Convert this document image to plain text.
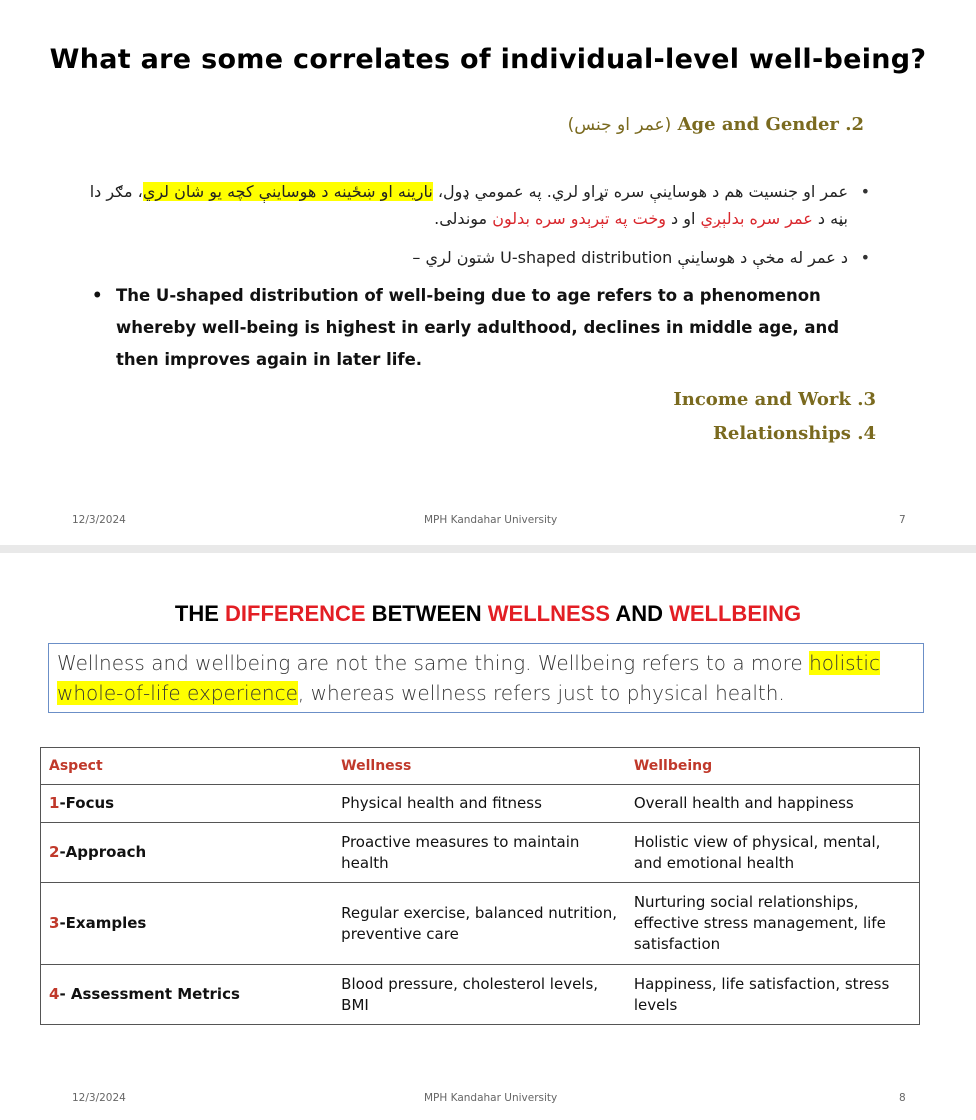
What are some correlates of individual-level well-being?
2. Age and Gender (عمر او جنس)
• عمر او جنسيت هم د هوساينې سره تړاو لري. په عمومي ډول، نارينه او ښځينه د هوساينې کچه يو شان لري، مګر دا بڼه د عمر سره بدلېږي او د وخت په تېرېدو سره بدلون موندلی.
• د عمر له مخې د هوساينې U-shaped distribution شتون لري –
• The U-shaped distribution of well-being due to age refers to a phenomenon whereby well-being is highest in early adulthood, declines in middle age, and then improves again in later life.
3. Income and Work
4. Relationships
12/3/2024	MPH Kandahar University	7
THE DIFFERENCE BETWEEN WELLNESS AND WELLBEING
Wellness and wellbeing are not the same thing. Wellbeing refers to a more holistic whole-of-life experience, whereas wellness refers just to physical health.
Aspect	Wellness	Wellbeing
1-Focus	Physical health and fitness	Overall health and happiness
2-Approach	Proactive measures to maintain health	Holistic view of physical, mental, and emotional health
3-Examples	Regular exercise, balanced nutrition, preventive care	Nurturing social relationships, effective stress management, life satisfaction
4- Assessment Metrics	Blood pressure, cholesterol levels, BMI	Happiness, life satisfaction, stress levels
12/3/2024	MPH Kandahar University	8
